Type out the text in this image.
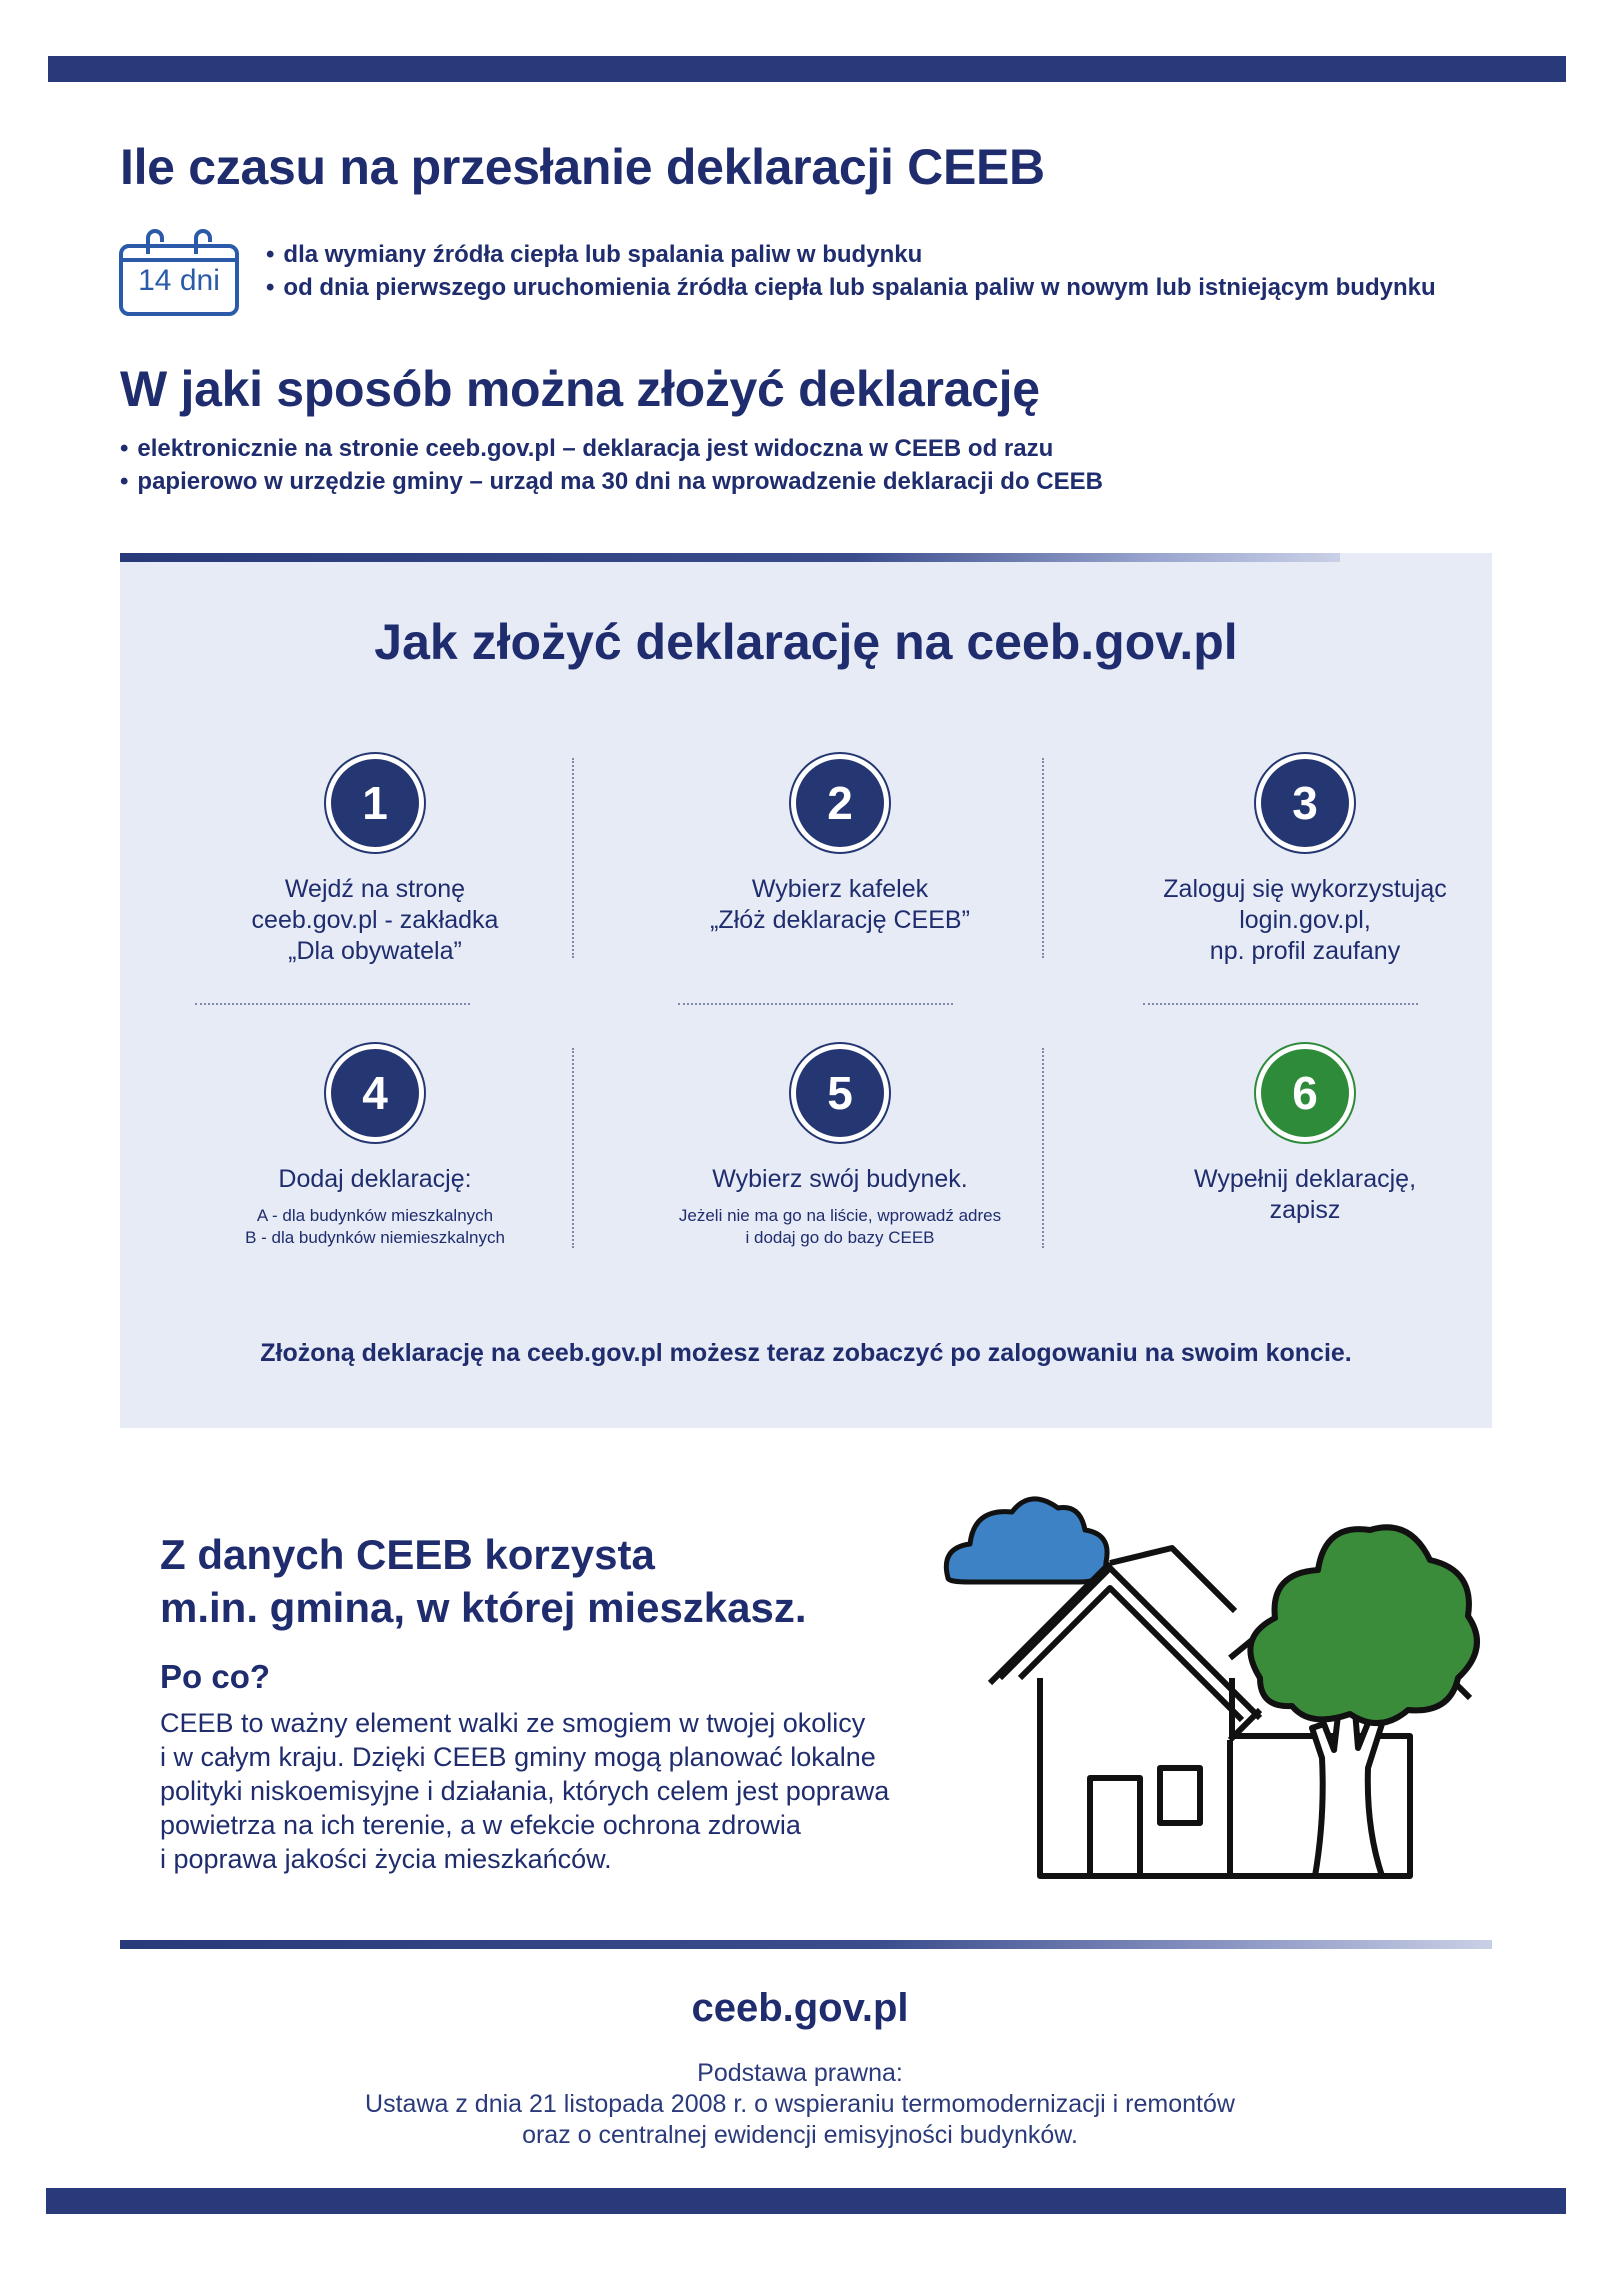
Ile czasu na przesłanie deklaracji CEEB
14 dni
• dla wymiany źródła ciepła lub spalania paliw w budynku
• od dnia pierwszego uruchomienia źródła ciepła lub spalania paliw w nowym lub istniejącym budynku
W jaki sposób można złożyć deklarację
• elektronicznie na stronie ceeb.gov.pl – deklaracja jest widoczna w CEEB od razu
• papierowo w urzędzie gminy – urząd ma 30 dni na wprowadzenie deklaracji do CEEB
Jak złożyć deklarację na ceeb.gov.pl
1
Wejdź na stronę
ceeb.gov.pl - zakładka
„Dla obywatela”
2
Wybierz kafelek
„Złóż deklarację CEEB”
3
Zaloguj się wykorzystując
login.gov.pl,
np. profil zaufany
4
Dodaj deklarację:
A - dla budynków mieszkalnych
B - dla budynków niemieszkalnych
5
Wybierz swój budynek.
Jeżeli nie ma go na liście, wprowadź adres
i dodaj go do bazy CEEB
6
Wypełnij deklarację,
zapisz
Złożoną deklarację na ceeb.gov.pl możesz teraz zobaczyć po zalogowaniu na swoim koncie.
Z danych CEEB korzysta
m.in. gmina, w której mieszkasz.
Po co?
CEEB to ważny element walki ze smogiem w twojej okolicy
i w całym kraju. Dzięki CEEB gminy mogą planować lokalne
polityki niskoemisyjne i działania, których celem jest poprawa
powietrza na ich terenie, a w efekcie ochrona zdrowia
i poprawa jakości życia mieszkańców.
ceeb.gov.pl
Podstawa prawna:
Ustawa z dnia 21 listopada 2008 r. o wspieraniu termomodernizacji i remontów
oraz o centralnej ewidencji emisyjności budynków.
